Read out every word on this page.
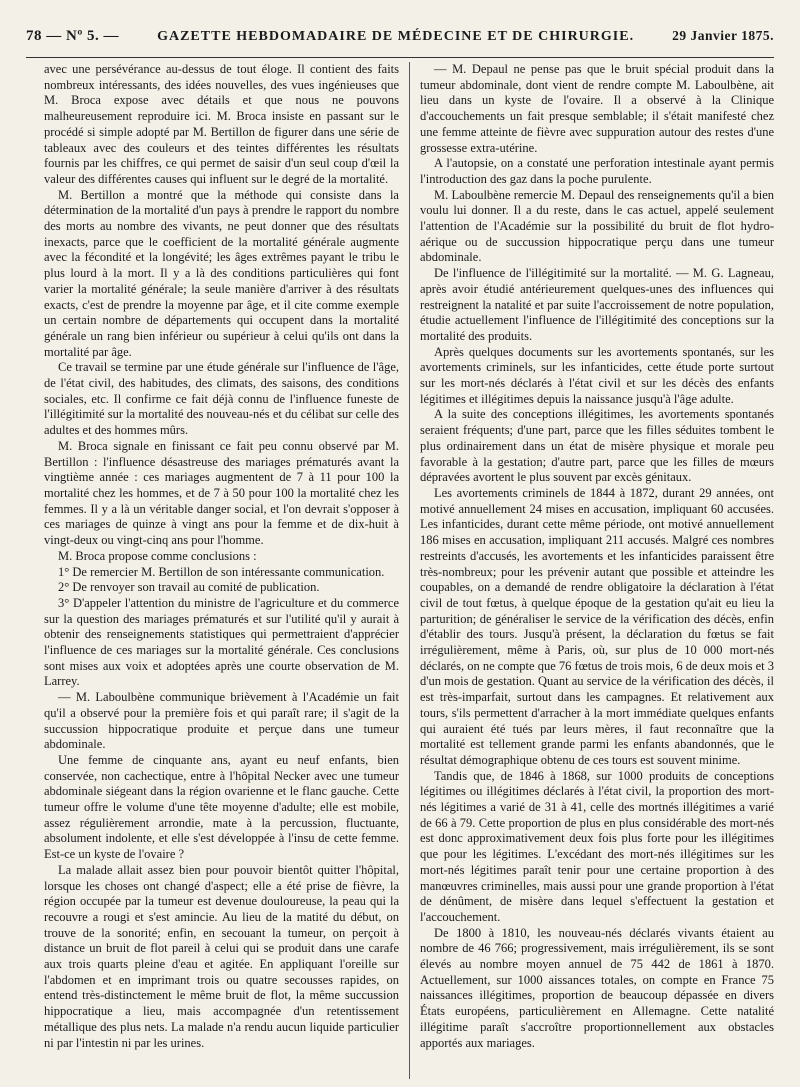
78 — Nº 5. —	GAZETTE HEBDOMADAIRE DE MÉDECINE ET DE CHIRURGIE.	29 Janvier 1875.

avec une persévérance au-dessus de tout éloge. Il contient des faits nombreux intéressants, des idées nouvelles, des vues ingénieuses que M. Broca expose avec détails et que nous ne pouvons malheureusement reproduire ici. M. Broca insiste en passant sur le procédé si simple adopté par M. Bertillon de figurer dans une série de tableaux avec des couleurs et des teintes différentes les résultats fournis par les chiffres, ce qui permet de saisir d'un seul coup d'œil la valeur des différentes causes qui influent sur le degré de la mortalité.

M. Bertillon a montré que la méthode qui consiste dans la détermination de la mortalité d'un pays à prendre le rapport du nombre des morts au nombre des vivants, ne peut donner que des résultats inexacts, parce que le coefficient de la mortalité générale augmente avec la fécondité et la longévité; les âges extrêmes payant le tribu le plus lourd à la mort. Il y a là des conditions particulières qui font varier la mortalité générale; la seule manière d'arriver à des résultats exacts, c'est de prendre la moyenne par âge, et il cite comme exemple un certain nombre de départements qui occupent dans la mortalité générale un rang bien inférieur ou supérieur à celui qu'ils ont dans la mortalité par âge.

Ce travail se termine par une étude générale sur l'influence de l'âge, de l'état civil, des habitudes, des climats, des saisons, des conditions sociales, etc. Il confirme ce fait déjà connu de l'influence funeste de l'illégitimité sur la mortalité des nouveau-nés et du célibat sur celle des adultes et des hommes mûrs.

M. Broca signale en finissant ce fait peu connu observé par M. Bertillon : l'influence désastreuse des mariages prématurés avant la vingtième année : ces mariages augmentent de 7 à 11 pour 100 la mortalité chez les hommes, et de 7 à 50 pour 100 la mortalité chez les femmes. Il y a là un véritable danger social, et l'on devrait s'opposer à ces mariages de quinze à vingt ans pour la femme et de dix-huit à vingt-deux ou vingt-cinq ans pour l'homme.

M. Broca propose comme conclusions :

1° De remercier M. Bertillon de son intéressante communication.

2° De renvoyer son travail au comité de publication.

3° D'appeler l'attention du ministre de l'agriculture et du commerce sur la question des mariages prématurés et sur l'utilité qu'il y aurait à obtenir des renseignements statistiques qui permettraient d'apprécier l'influence de ces mariages sur la mortalité générale. Ces conclusions sont mises aux voix et adoptées après une courte observation de M. Larrey.

— M. Laboulbène communique brièvement à l'Académie un fait qu'il a observé pour la première fois et qui paraît rare; il s'agit de la succussion hippocratique produite et perçue dans une tumeur abdominale.

Une femme de cinquante ans, ayant eu neuf enfants, bien conservée, non cachectique, entre à l'hôpital Necker avec une tumeur abdominale siégeant dans la région ovarienne et le flanc gauche. Cette tumeur offre le volume d'une tête moyenne d'adulte; elle est mobile, assez régulièrement arrondie, mate à la percussion, fluctuante, absolument indolente, et elle s'est développée à l'insu de cette femme. Est-ce un kyste de l'ovaire ?

La malade allait assez bien pour pouvoir bientôt quitter l'hôpital, lorsque les choses ont changé d'aspect; elle a été prise de fièvre, la région occupée par la tumeur est devenue douloureuse, la peau qui la recouvre a rougi et s'est amincie. Au lieu de la matité du début, on trouve de la sonorité; enfin, en secouant la tumeur, on perçoit à distance un bruit de flot pareil à celui qui se produit dans une carafe aux trois quarts pleine d'eau et agitée. En appliquant l'oreille sur l'abdomen et en imprimant trois ou quatre secousses rapides, on entend très-distinctement le même bruit de flot, la même succussion hippocratique a lieu, mais accompagnée d'un retentissement métallique des plus nets. La malade n'a rendu aucun liquide particulier ni par l'intestin ni par les urines.

— M. Depaul ne pense pas que le bruit spécial produit dans la tumeur abdominale, dont vient de rendre compte M. Laboulbène, ait lieu dans un kyste de l'ovaire. Il a observé à la Clinique d'accouchements un fait presque semblable; il s'était manifesté chez une femme atteinte de fièvre avec suppuration autour des restes d'une grossesse extra-utérine.

A l'autopsie, on a constaté une perforation intestinale ayant permis l'introduction des gaz dans la poche purulente.

M. Laboulbène remercie M. Depaul des renseignements qu'il a bien voulu lui donner. Il a du reste, dans le cas actuel, appelé seulement l'attention de l'Académie sur la possibilité du bruit de flot hydro-aérique ou de succussion hippocratique perçu dans une tumeur abdominale.

De l'influence de l'illégitimité sur la mortalité. — M. G. Lagneau, après avoir étudié antérieurement quelques-unes des influences qui restreignent la natalité et par suite l'accroissement de notre population, étudie actuellement l'influence de l'illégitimité des conceptions sur la mortalité des produits.

Après quelques documents sur les avortements spontanés, sur les avortements criminels, sur les infanticides, cette étude porte surtout sur les mort-nés déclarés à l'état civil et sur les décès des enfants légitimes et illégitimes depuis la naissance jusqu'à l'âge adulte.

A la suite des conceptions illégitimes, les avortements spontanés seraient fréquents; d'une part, parce que les filles séduites tombent le plus ordinairement dans un état de misère physique et morale peu favorable à la gestation; d'autre part, parce que les filles de mœurs dépravées avortent le plus souvent par excès génitaux.

Les avortements criminels de 1844 à 1872, durant 29 années, ont motivé annuellement 24 mises en accusation, impliquant 60 accusées. Les infanticides, durant cette même période, ont motivé annuellement 186 mises en accusation, impliquant 211 accusés. Malgré ces nombres restreints d'accusés, les avortements et les infanticides paraissent être très-nombreux; pour les prévenir autant que possible et atteindre les coupables, on a demandé de rendre obligatoire la déclaration à l'état civil de tout fœtus, à quelque époque de la gestation qu'ait eu lieu la parturition; de généraliser le service de la vérification des décès, enfin d'établir des tours. Jusqu'à présent, la déclaration du fœtus se fait irrégulièrement, même à Paris, où, sur plus de 10 000 mort-nés déclarés, on ne compte que 76 fœtus de trois mois, 6 de deux mois et 3 d'un mois de gestation. Quant au service de la vérification des décès, il est très-imparfait, surtout dans les campagnes. Et relativement aux tours, s'ils permettent d'arracher à la mort immédiate quelques enfants qui auraient été tués par leurs mères, il faut reconnaître que la mortalité est tellement grande parmi les enfants abandonnés, que le résultat démographique obtenu de ces tours est souvent minime.

Tandis que, de 1846 à 1868, sur 1000 produits de conceptions légitimes ou illégitimes déclarés à l'état civil, la proportion des mort-nés légitimes a varié de 31 à 41, celle des mortnés illégitimes a varié de 66 à 79. Cette proportion de plus en plus considérable des mort-nés est donc approximativement deux fois plus forte pour les illégitimes que pour les légitimes. L'excédant des mort-nés illégitimes sur les mort-nés légitimes paraît tenir pour une certaine proportion à des manœuvres criminelles, mais aussi pour une grande proportion à l'état de dénûment, de misère dans lequel s'effectuent la gestation et l'accouchement.

De 1800 à 1810, les nouveau-nés déclarés vivants étaient au nombre de 46 766; progressivement, mais irrégulièrement, ils se sont élevés au nombre moyen annuel de 75 442 de 1861 à 1870. Actuellement, sur 1000 aissances totales, on compte en France 75 naissances illégitimes, proportion de beaucoup dépassée en divers États européens, particulièrement en Allemagne. Cette natalité illégitime paraît s'accroître proportionnellement aux obstacles apportés aux mariages.
